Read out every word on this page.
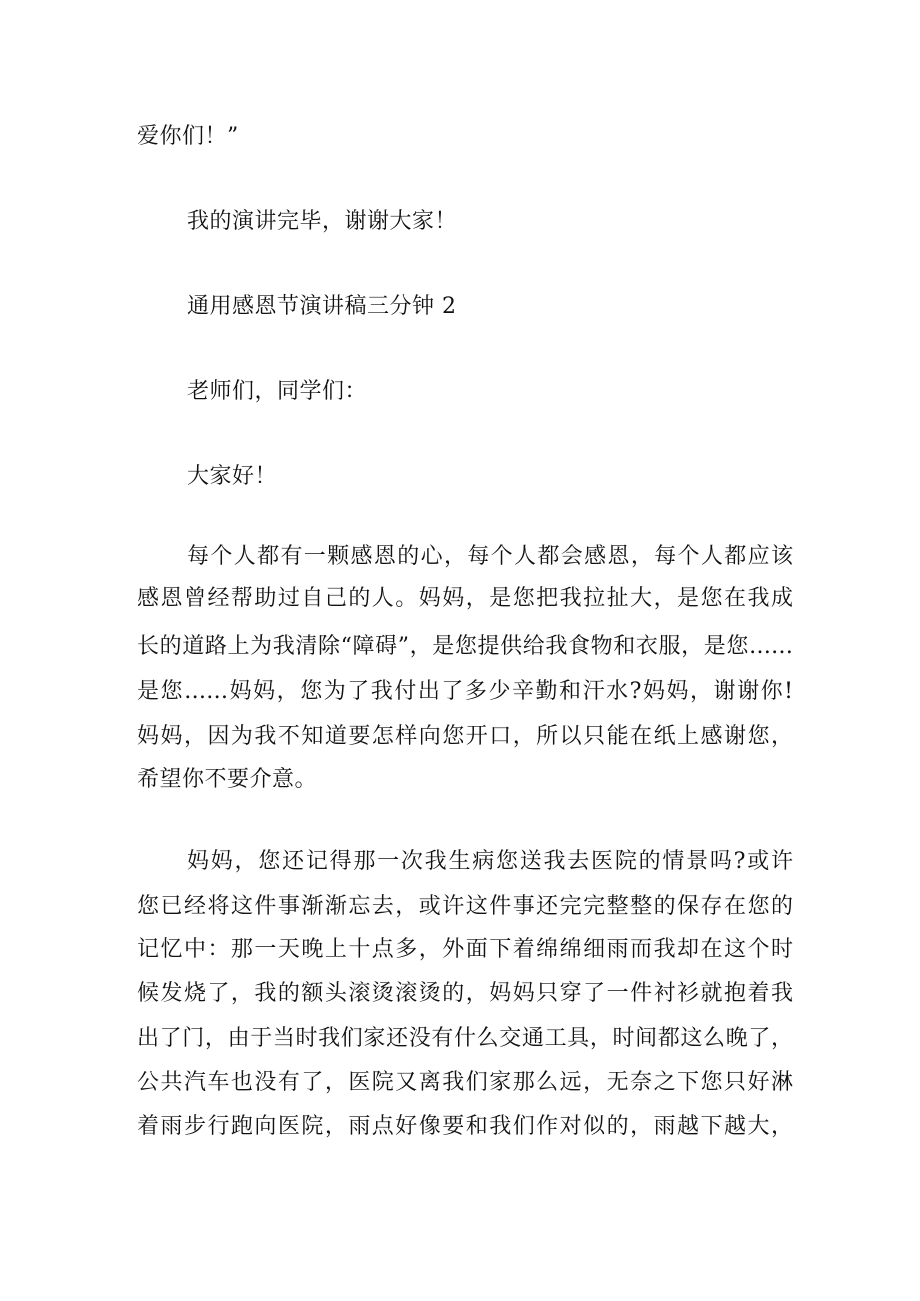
爱你们！”

我的演讲完毕，谢谢大家！

通用感恩节演讲稿三分钟 2

老师们，同学们：

大家好！

每个人都有一颗感恩的心，每个人都会感恩，每个人都应该

感恩曾经帮助过自己的人。妈妈，是您把我拉扯大，是您在我成

长的道路上为我清除“障碍”，是您提供给我食物和衣服，是您……

是您……妈妈，您为了我付出了多少辛勤和汗水?妈妈，谢谢你!

妈妈，因为我不知道要怎样向您开口，所以只能在纸上感谢您，

希望你不要介意。

妈妈，您还记得那一次我生病您送我去医院的情景吗?或许

您已经将这件事渐渐忘去，或许这件事还完完整整的保存在您的

记忆中：那一天晚上十点多，外面下着绵绵细雨而我却在这个时

候发烧了，我的额头滚烫滚烫的，妈妈只穿了一件衬衫就抱着我

出了门，由于当时我们家还没有什么交通工具，时间都这么晚了，

公共汽车也没有了，医院又离我们家那么远，无奈之下您只好淋

着雨步行跑向医院，雨点好像要和我们作对似的，雨越下越大，
